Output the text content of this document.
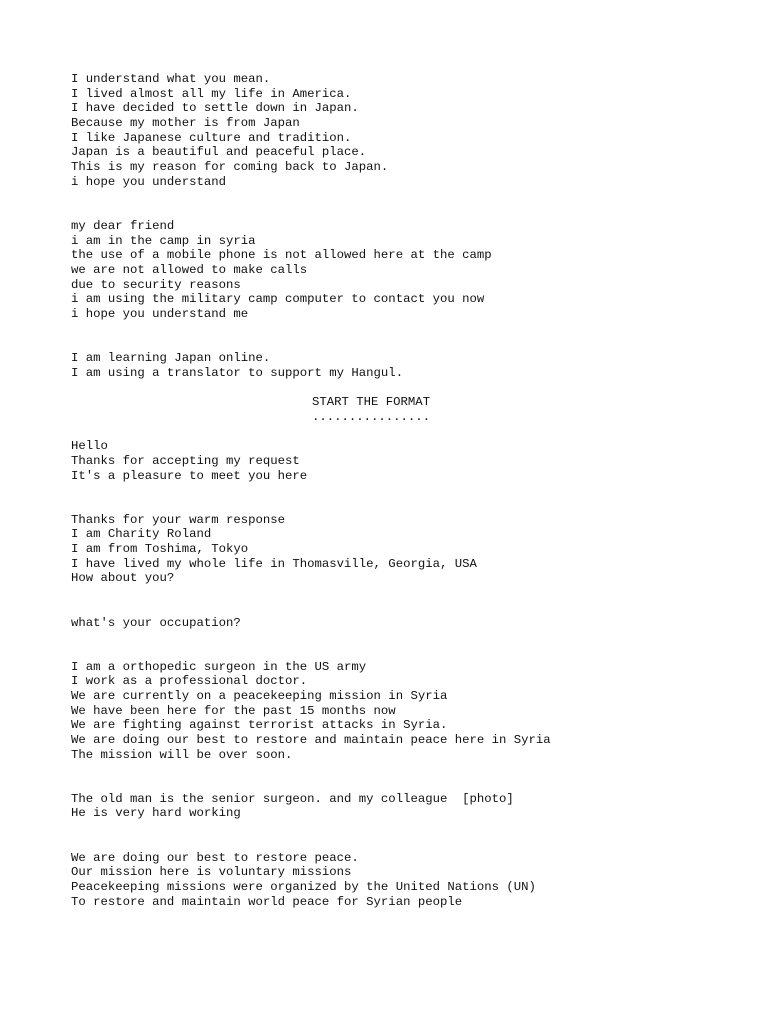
I understand what you mean.
I lived almost all my life in America.
I have decided to settle down in Japan.
Because my mother is from Japan
I like Japanese culture and tradition.
Japan is a beautiful and peaceful place.
This is my reason for coming back to Japan.
i hope you understand
my dear friend
i am in the camp in syria
the use of a mobile phone is not allowed here at the camp
we are not allowed to make calls
due to security reasons
i am using the military camp computer to contact you now
i hope you understand me
I am learning Japan online.
I am using a translator to support my Hangul.
START THE FORMAT
................
Hello
Thanks for accepting my request
It's a pleasure to meet you here
Thanks for your warm response
I am Charity Roland
I am from Toshima, Tokyo
I have lived my whole life in Thomasville, Georgia, USA
How about you?
what's your occupation?
I am a orthopedic surgeon in the US army
I work as a professional doctor.
We are currently on a peacekeeping mission in Syria
We have been here for the past 15 months now
We are fighting against terrorist attacks in Syria.
We are doing our best to restore and maintain peace here in Syria
The mission will be over soon.
The old man is the senior surgeon. and my colleague  [photo]
He is very hard working
We are doing our best to restore peace.
Our mission here is voluntary missions
Peacekeeping missions were organized by the United Nations (UN)
To restore and maintain world peace for Syrian people
